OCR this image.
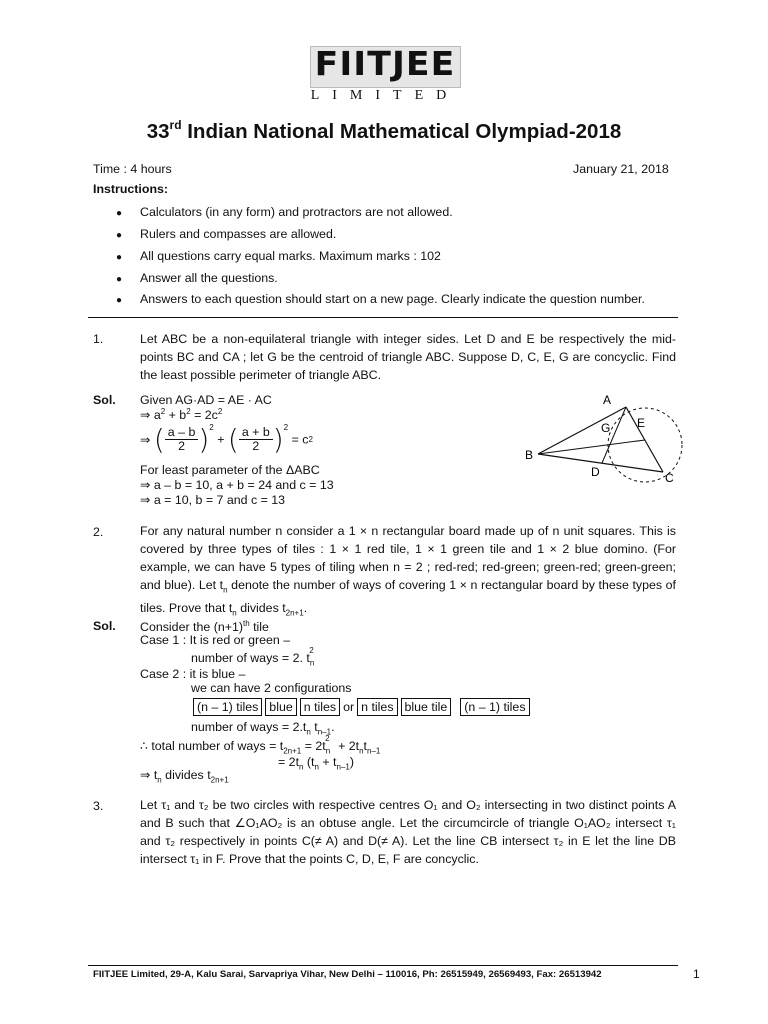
FIITJEE
LIMITED
33rd Indian National Mathematical Olympiad-2018
Time : 4 hours	January 21, 2018
Instructions:
● Calculators (in any form) and protractors are not allowed.
● Rulers and compasses are allowed.
● All questions carry equal marks. Maximum marks : 102
● Answer all the questions.
● Answers to each question should start on a new page. Clearly indicate the question number.
1.	Let ABC be a non-equilateral triangle with integer sides. Let D and E be respectively the mid-points BC and CA ; let G be the centroid of triangle ABC. Suppose D, C, E, G are concyclic. Find the least possible perimeter of triangle ABC.
Sol. Given AG·AD = AE · AC
⇒ $a^2 + b^2 = 2c^2$
⇒ ( $\frac{a - b}{2} )^2$ + ( $\frac{a + b}{2} )^2 = c2$
For least parameter of the ΔABC
⇒ a – b = 10, a + b = 24 and c = 13
⇒ a = 10, b = 7 and c = 13
A
B
C
D
E
G
2.	For any natural number n consider a 1 × n rectangular board made up of n unit squares. This is covered by three types of tiles : 1 × 1 red tile, 1 × 1 green tile and 1 × 2 blue domino. (For example, we can have 5 types of tiling when n = 2 ; red-red; red-green; green-red; green-green; and blue). Let $t_n$ denote the number of ways of covering 1 × n rectangular board by these types of tiles. Prove that $t_n$ divides $t_{2n+1}$.
Sol. Consider the $(n+1)^{th}$ tile
Case 1 : It is red or green –
number of ways = 2. $t_n^2$
Case 2 : it is blue –
we can have 2 configurations
(n – 1) tiles blue n tiles or n tiles blue tile (n – 1) tiles
number of ways = $2.t_n$ $t_{n-1}$.
∴ total number of ways = $t_{2n+1} = 2t_n^2 + 2t_nt_{n-1}$
= $2t_n$ $(t_n + t_{n-1})$
⇒ $t_n$ divides $t_{2n+1}$
3.	Let τ₁ and τ₂ be two circles with respective centres O₁ and O₂ intersecting in two distinct points A and B such that ∠O₁AO₂ is an obtuse angle. Let the circumcircle of triangle O₁AO₂ intersect τ₁ and τ₂ respectively in points C(≠ A) and D(≠ A). Let the line CB intersect τ₂ in E let the line DB intersect τ₁ in F. Prove that the points C, D, E, F are concyclic.
FIITJEE Limited, 29-A, Kalu Sarai, Sarvapriya Vihar, New Delhi – 110016, Ph: 26515949, 26569493, Fax: 26513942	1
